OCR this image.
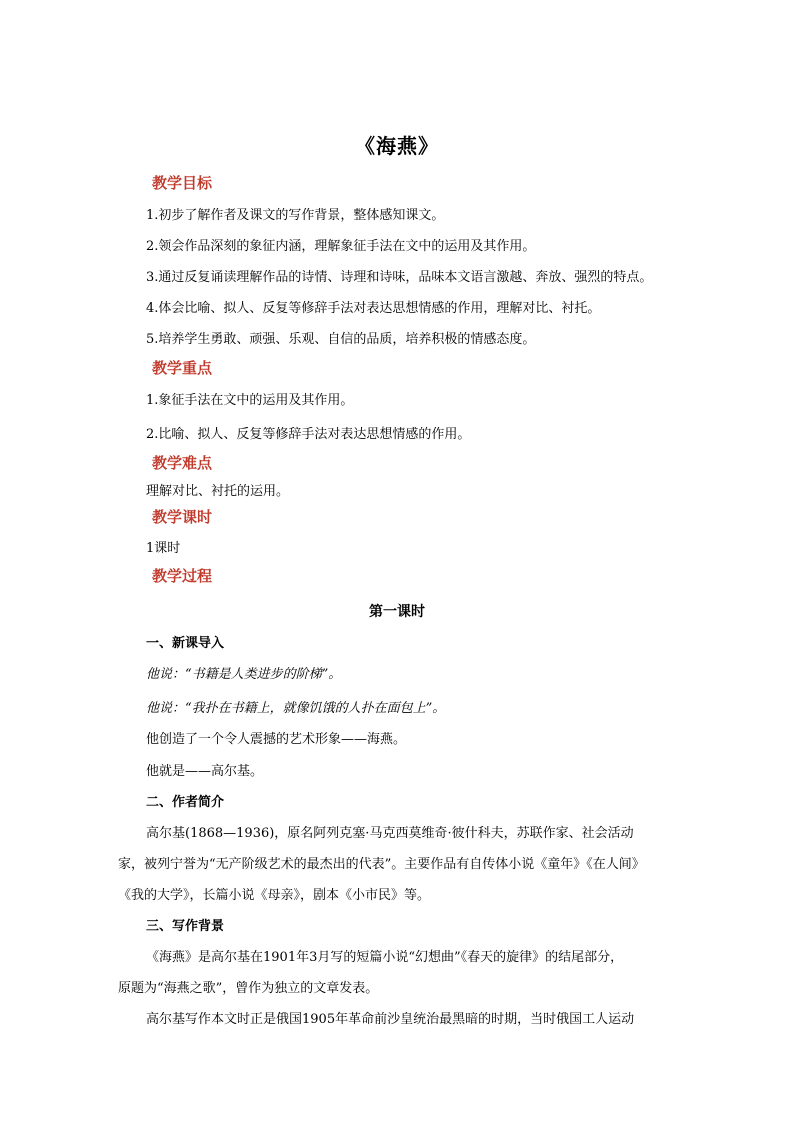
《海燕》
教学目标
1.初步了解作者及课文的写作背景，整体感知课文。
2.领会作品深刻的象征内涵，理解象征手法在文中的运用及其作用。
3.通过反复诵读理解作品的诗情、诗理和诗味，品味本文语言激越、奔放、强烈的特点。
4.体会比喻、拟人、反复等修辞手法对表达思想情感的作用，理解对比、衬托。
5.培养学生勇敢、顽强、乐观、自信的品质，培养积极的情感态度。
教学重点
1.象征手法在文中的运用及其作用。
2.比喻、拟人、反复等修辞手法对表达思想情感的作用。
教学难点
理解对比、衬托的运用。
教学课时
1课时
教学过程
第一课时
一、新课导入
他说：“书籍是人类进步的阶梯”。
他说：“我扑在书籍上，就像饥饿的人扑在面包上”。
他创造了一个令人震撼的艺术形象——海燕。
他就是——高尔基。
二、作者简介
高尔基(1868—1936)，原名阿列克塞·马克西莫维奇·彼什科夫，苏联作家、社会活动
家，被列宁誉为“无产阶级艺术的最杰出的代表”。主要作品有自传体小说《童年》《在人间》
《我的大学》，长篇小说《母亲》，剧本《小市民》等。
三、写作背景
《海燕》是高尔基在1901年3月写的短篇小说“幻想曲”《春天的旋律》的结尾部分，
原题为“海燕之歌”，曾作为独立的文章发表。
高尔基写作本文时正是俄国1905年革命前沙皇统治最黑暗的时期，当时俄国工人运动
